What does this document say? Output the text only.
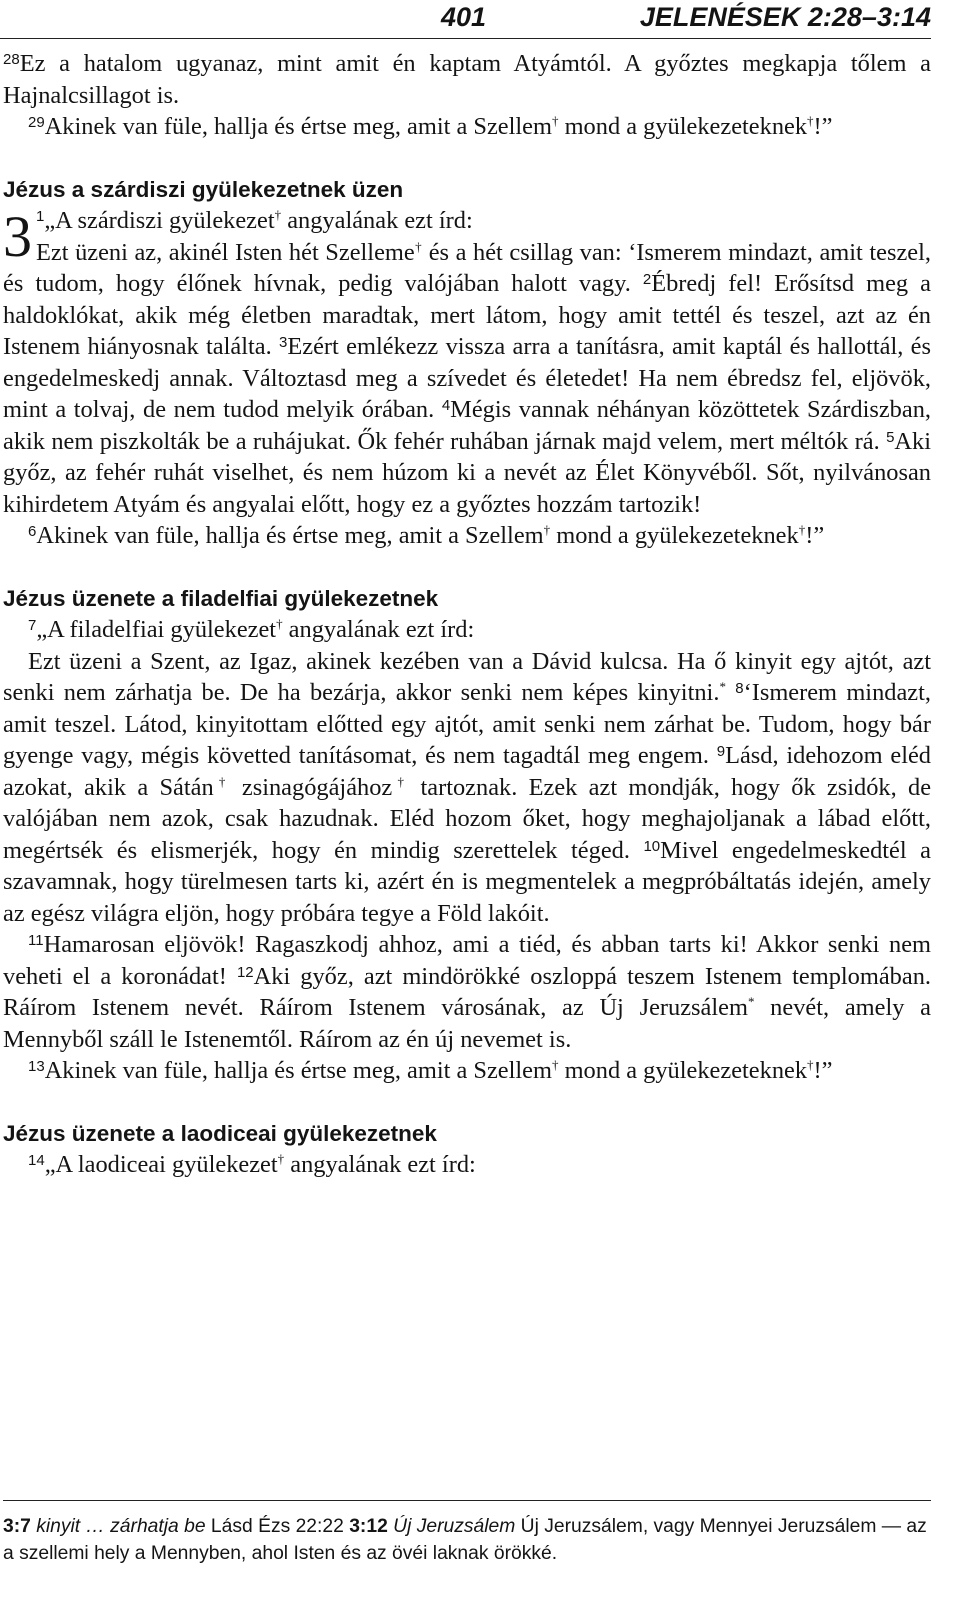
401	JELENÉSEK 2:28–3:14

$^{28}$Ez a hatalom ugyanaz, mint amit én kaptam Atyámtól. A győztes megkapja tőlem a Hajnalcsillagot is.

$^{29}$Akinek van füle, hallja és értse meg, amit a Szellem† mond a gyülekezeteknek†!”

Jézus a szárdiszi gyülekezetnek üzen

3 $^1$„A szárdiszi gyülekezet† angyalának ezt írd:
Ezt üzeni az, akinél Isten hét Szelleme† és a hét csillag van: ‘Ismerem mindazt, amit teszel, és tudom, hogy élőnek hívnak, pedig valójában halott vagy. $^2$Ébredj fel! Erősítsd meg a haldoklókat, akik még életben maradtak, mert látom, hogy amit tettél és teszel, azt az én Istenem hiányosnak találta. $^3$Ezért emlékezz vissza arra a tanításra, amit kaptál és hallottál, és engedelmeskedj annak. Változtasd meg a szívedet és életedet! Ha nem ébredsz fel, eljövök, mint a tolvaj, de nem tudod melyik órában. $^4$Mégis vannak néhányan közöttetek Szárdiszban, akik nem piszkolták be a ruhájukat. Ők fehér ruhában járnak majd velem, mert méltók rá. $^5$Aki győz, az fehér ruhát viselhet, és nem húzom ki a nevét az Élet Könyvéből. Sőt, nyilvánosan kihirdetem Atyám és angyalai előtt, hogy ez a győztes hozzám tartozik!

$^6$Akinek van füle, hallja és értse meg, amit a Szellem† mond a gyülekezeteknek†!”

Jézus üzenete a filadelfiai gyülekezetnek

$^7$„A filadelfiai gyülekezet† angyalának ezt írd:

Ezt üzeni a Szent, az Igaz, akinek kezében van a Dávid kulcsa. Ha ő kinyit egy ajtót, azt senki nem zárhatja be. De ha bezárja, akkor senki nem képes kinyitni.* $^8$‘Ismerem mindazt, amit teszel. Látod, kinyitottam előtted egy ajtót, amit senki nem zárhat be. Tudom, hogy bár gyenge vagy, mégis követted tanításomat, és nem tagadtál meg engem. $^9$Lásd, idehozom eléd azokat, akik a Sátán† zsinagógájához† tartoznak. Ezek azt mondják, hogy ők zsidók, de valójában nem azok, csak hazudnak. Eléd hozom őket, hogy meghajoljanak a lábad előtt, megértsék és elismerjék, hogy én mindig szerettelek téged. $^{10}$Mivel engedelmeskedtél a szavamnak, hogy türelmesen tarts ki, azért én is megmentelek a megpróbáltatás idején, amely az egész világra eljön, hogy próbára tegye a Föld lakóit.

$^{11}$Hamarosan eljövök! Ragaszkodj ahhoz, ami a tiéd, és abban tarts ki! Akkor senki nem veheti el a koronádat! $^{12}$Aki győz, azt mindörökké oszloppá teszem Istenem templomában. Ráírom Istenem nevét. Ráírom Istenem városának, az Új Jeruzsálem* nevét, amely a Mennyből száll le Istenemtől. Ráírom az én új nevemet is.

$^{13}$Akinek van füle, hallja és értse meg, amit a Szellem† mond a gyülekezeteknek†!”

Jézus üzenete a laodiceai gyülekezetnek

$^{14}$„A laodiceai gyülekezet† angyalának ezt írd:

3:7 kinyit … zárhatja be Lásd Ézs 22:22 3:12 Új Jeruzsálem Új Jeruzsálem, vagy Mennyei Jeruzsálem — az a szellemi hely a Mennyben, ahol Isten és az övéi laknak örökké.
